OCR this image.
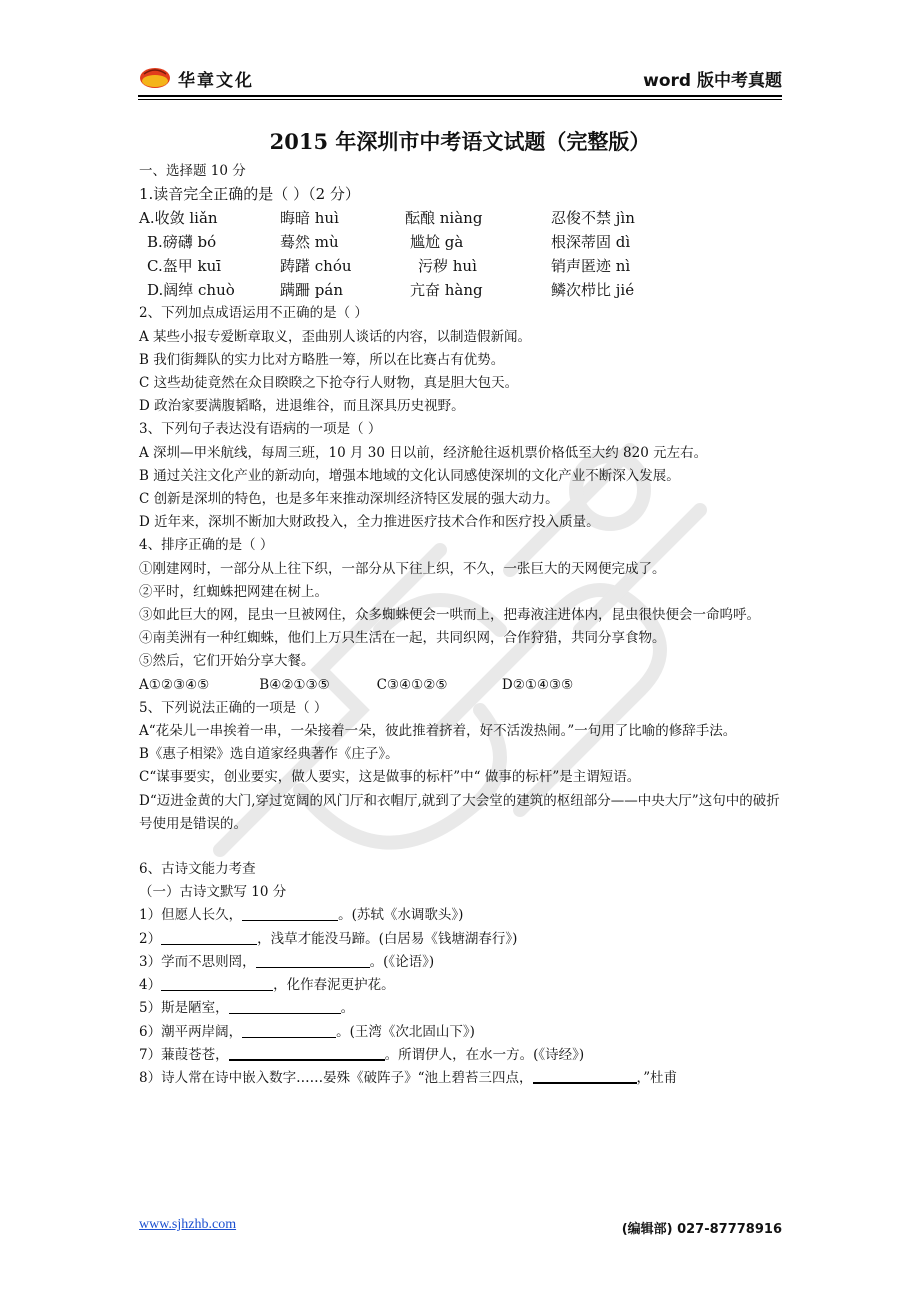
华章文化	word 版中考真题
2015 年深圳市中考语文试题（完整版）

一、选择题 10 分

1.读音完全正确的是（ ）（2 分）

A.收敛 liǎn	晦暗 huì	酝酿 niàng	忍俊不禁 jìn
B.磅礴 bó	蓦然 mù	尴尬 gà	根深蒂固 dì
C.盔甲 kuī	踌躇 chóu	污秽 huì	销声匿迹 nì
D.阔绰 chuò	蹒跚 pán	亢奋 hàng	鳞次栉比 jié

2、下列加点成语运用不正确的是（ ）

A 某些小报专爱断章取义，歪曲别人谈话的内容，以制造假新闻。

B 我们街舞队的实力比对方略胜一筹，所以在比赛占有优势。

C 这些劫徒竟然在众目睽睽之下抢夺行人财物，真是胆大包天。

D 政治家要满腹韬略，进退维谷，而且深具历史视野。

3、下列句子表达没有语病的一项是（ ）

A 深圳—甲米航线，每周三班，10 月 30 日以前，经济舱往返机票价格低至大约 820 元左右。

B 通过关注文化产业的新动向，增强本地域的文化认同感使深圳的文化产业不断深入发展。

C 创新是深圳的特色，也是多年来推动深圳经济特区发展的强大动力。

D 近年来，深圳不断加大财政投入，全力推进医疗技术合作和医疗投入质量。

4、排序正确的是（ ）

①刚建网时，一部分从上往下织，一部分从下往上织，不久，一张巨大的天网便完成了。

②平时，红蜘蛛把网建在树上。

③如此巨大的网，昆虫一旦被网住，众多蜘蛛便会一哄而上，把毒液注进体内，昆虫很快便会一命呜呼。

④南美洲有一种红蜘蛛，他们上万只生活在一起，共同织网，合作狩猎，共同分享食物。

⑤然后，它们开始分享大餐。

A①②③④⑤	B④②①③⑤	C③④①②⑤	D②①④③⑤

5、下列说法正确的一项是（ ）

A“花朵儿一串挨着一串，一朵接着一朵，彼此推着挤着，好不活泼热闹。”一句用了比喻的修辞手法。

B《惠子相梁》选自道家经典著作《庄子》。

C“谋事要实，创业要实，做人要实，这是做事的标杆”中“ 做事的标杆”是主谓短语。

D“迈进金黄的大门,穿过宽阔的风门厅和衣帽厅,就到了大会堂的建筑的枢纽部分——中央大厅”这句中的破折号使用是错误的。

6、古诗文能力考查

（一）古诗文默写 10 分

1）但愿人长久，	。(苏轼《水调歌头》)

2）	，浅草才能没马蹄。(白居易《钱塘湖春行》)

3）学而不思则罔，	。(《论语》)

4）	，化作春泥更护花。

5）斯是陋室，	。

6）潮平两岸阔，	。(王湾《次北固山下》)

7）蒹葭苍苍，	。所谓伊人，在水一方。(《诗经》)

8）诗人常在诗中嵌入数字……晏殊《破阵子》“池上碧苔三四点，	，”杜甫

www.sjhzhb.com	(编辑部) 027-87778916
